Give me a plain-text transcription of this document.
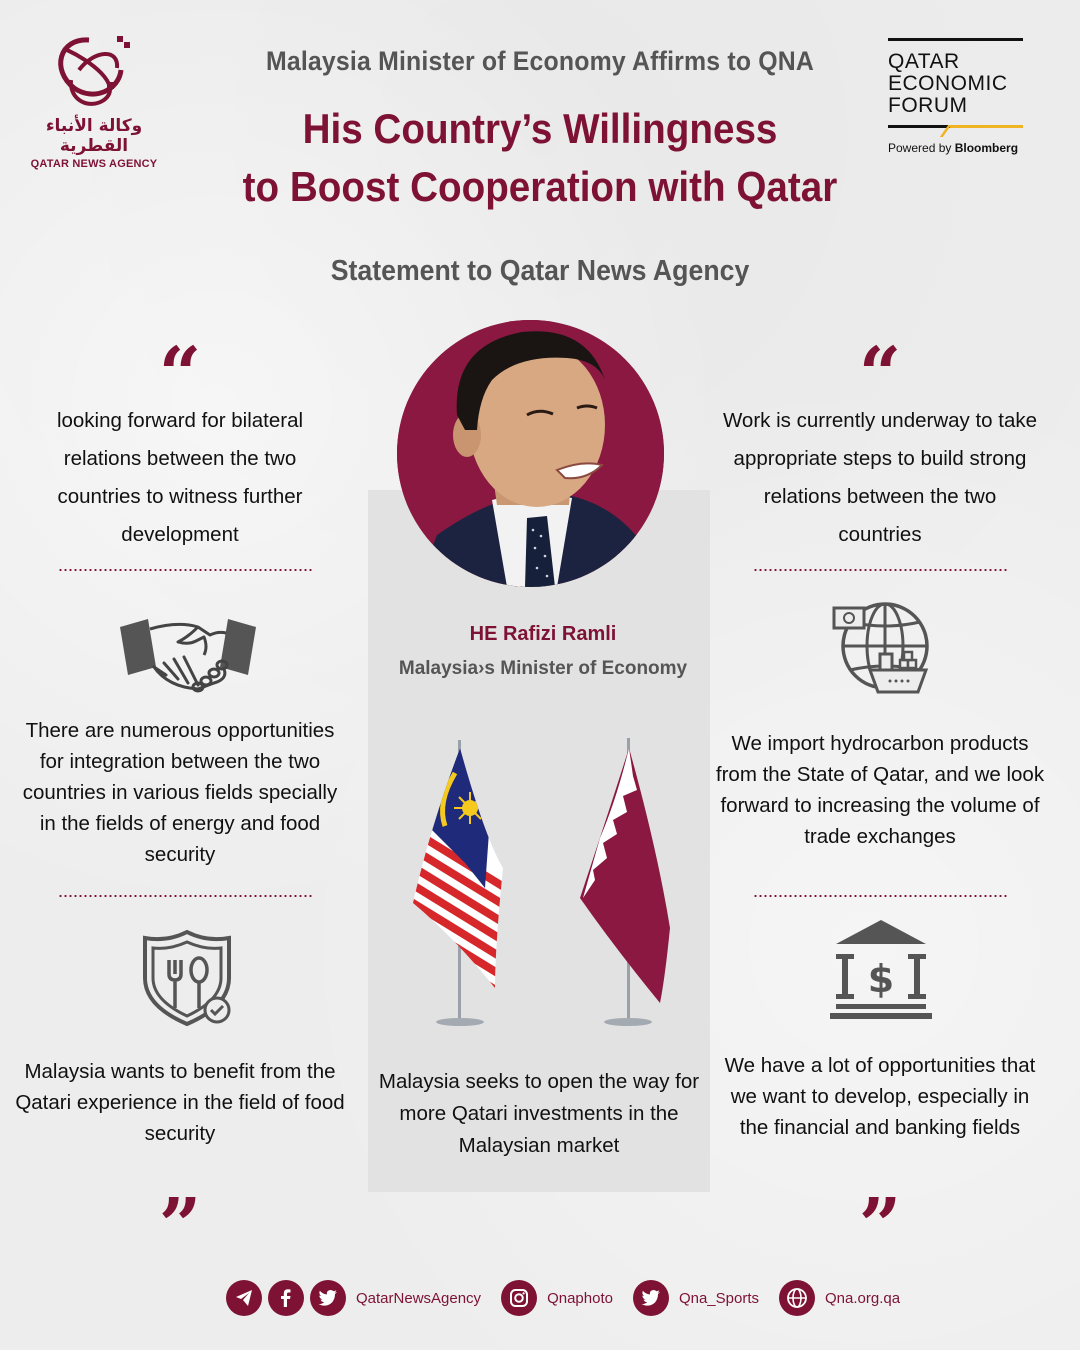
وكالة الأنباء القطرية
QATAR NEWS AGENCY
QATAR
ECONOMIC
FORUM
Powered by Bloomberg
Malaysia Minister of Economy Affirms to QNA
His Country’s Willingness
to Boost Cooperation with Qatar
Statement to Qatar News Agency
HE Rafizi Ramli
Malaysia›s Minister of Economy
Malaysia seeks to open the way for more Qatari investments in the Malaysian market
“
looking forward for bilateral relations between the two countries to witness further development
There are numerous opportunities for integration between the two countries in various fields specially in the fields of energy and food security
Malaysia wants to benefit from the Qatari experience in the field of food security
”
“
Work is currently underway to take appropriate steps to build strong relations between the two countries
We import hydrocarbon products from the State of Qatar, and we look forward to increasing the volume of trade exchanges
$
We have a lot of opportunities that we want to develop, especially in the financial and banking fields
”
QatarNewsAgency	Qnaphoto	Qna_Sports	Qna.org.qa
